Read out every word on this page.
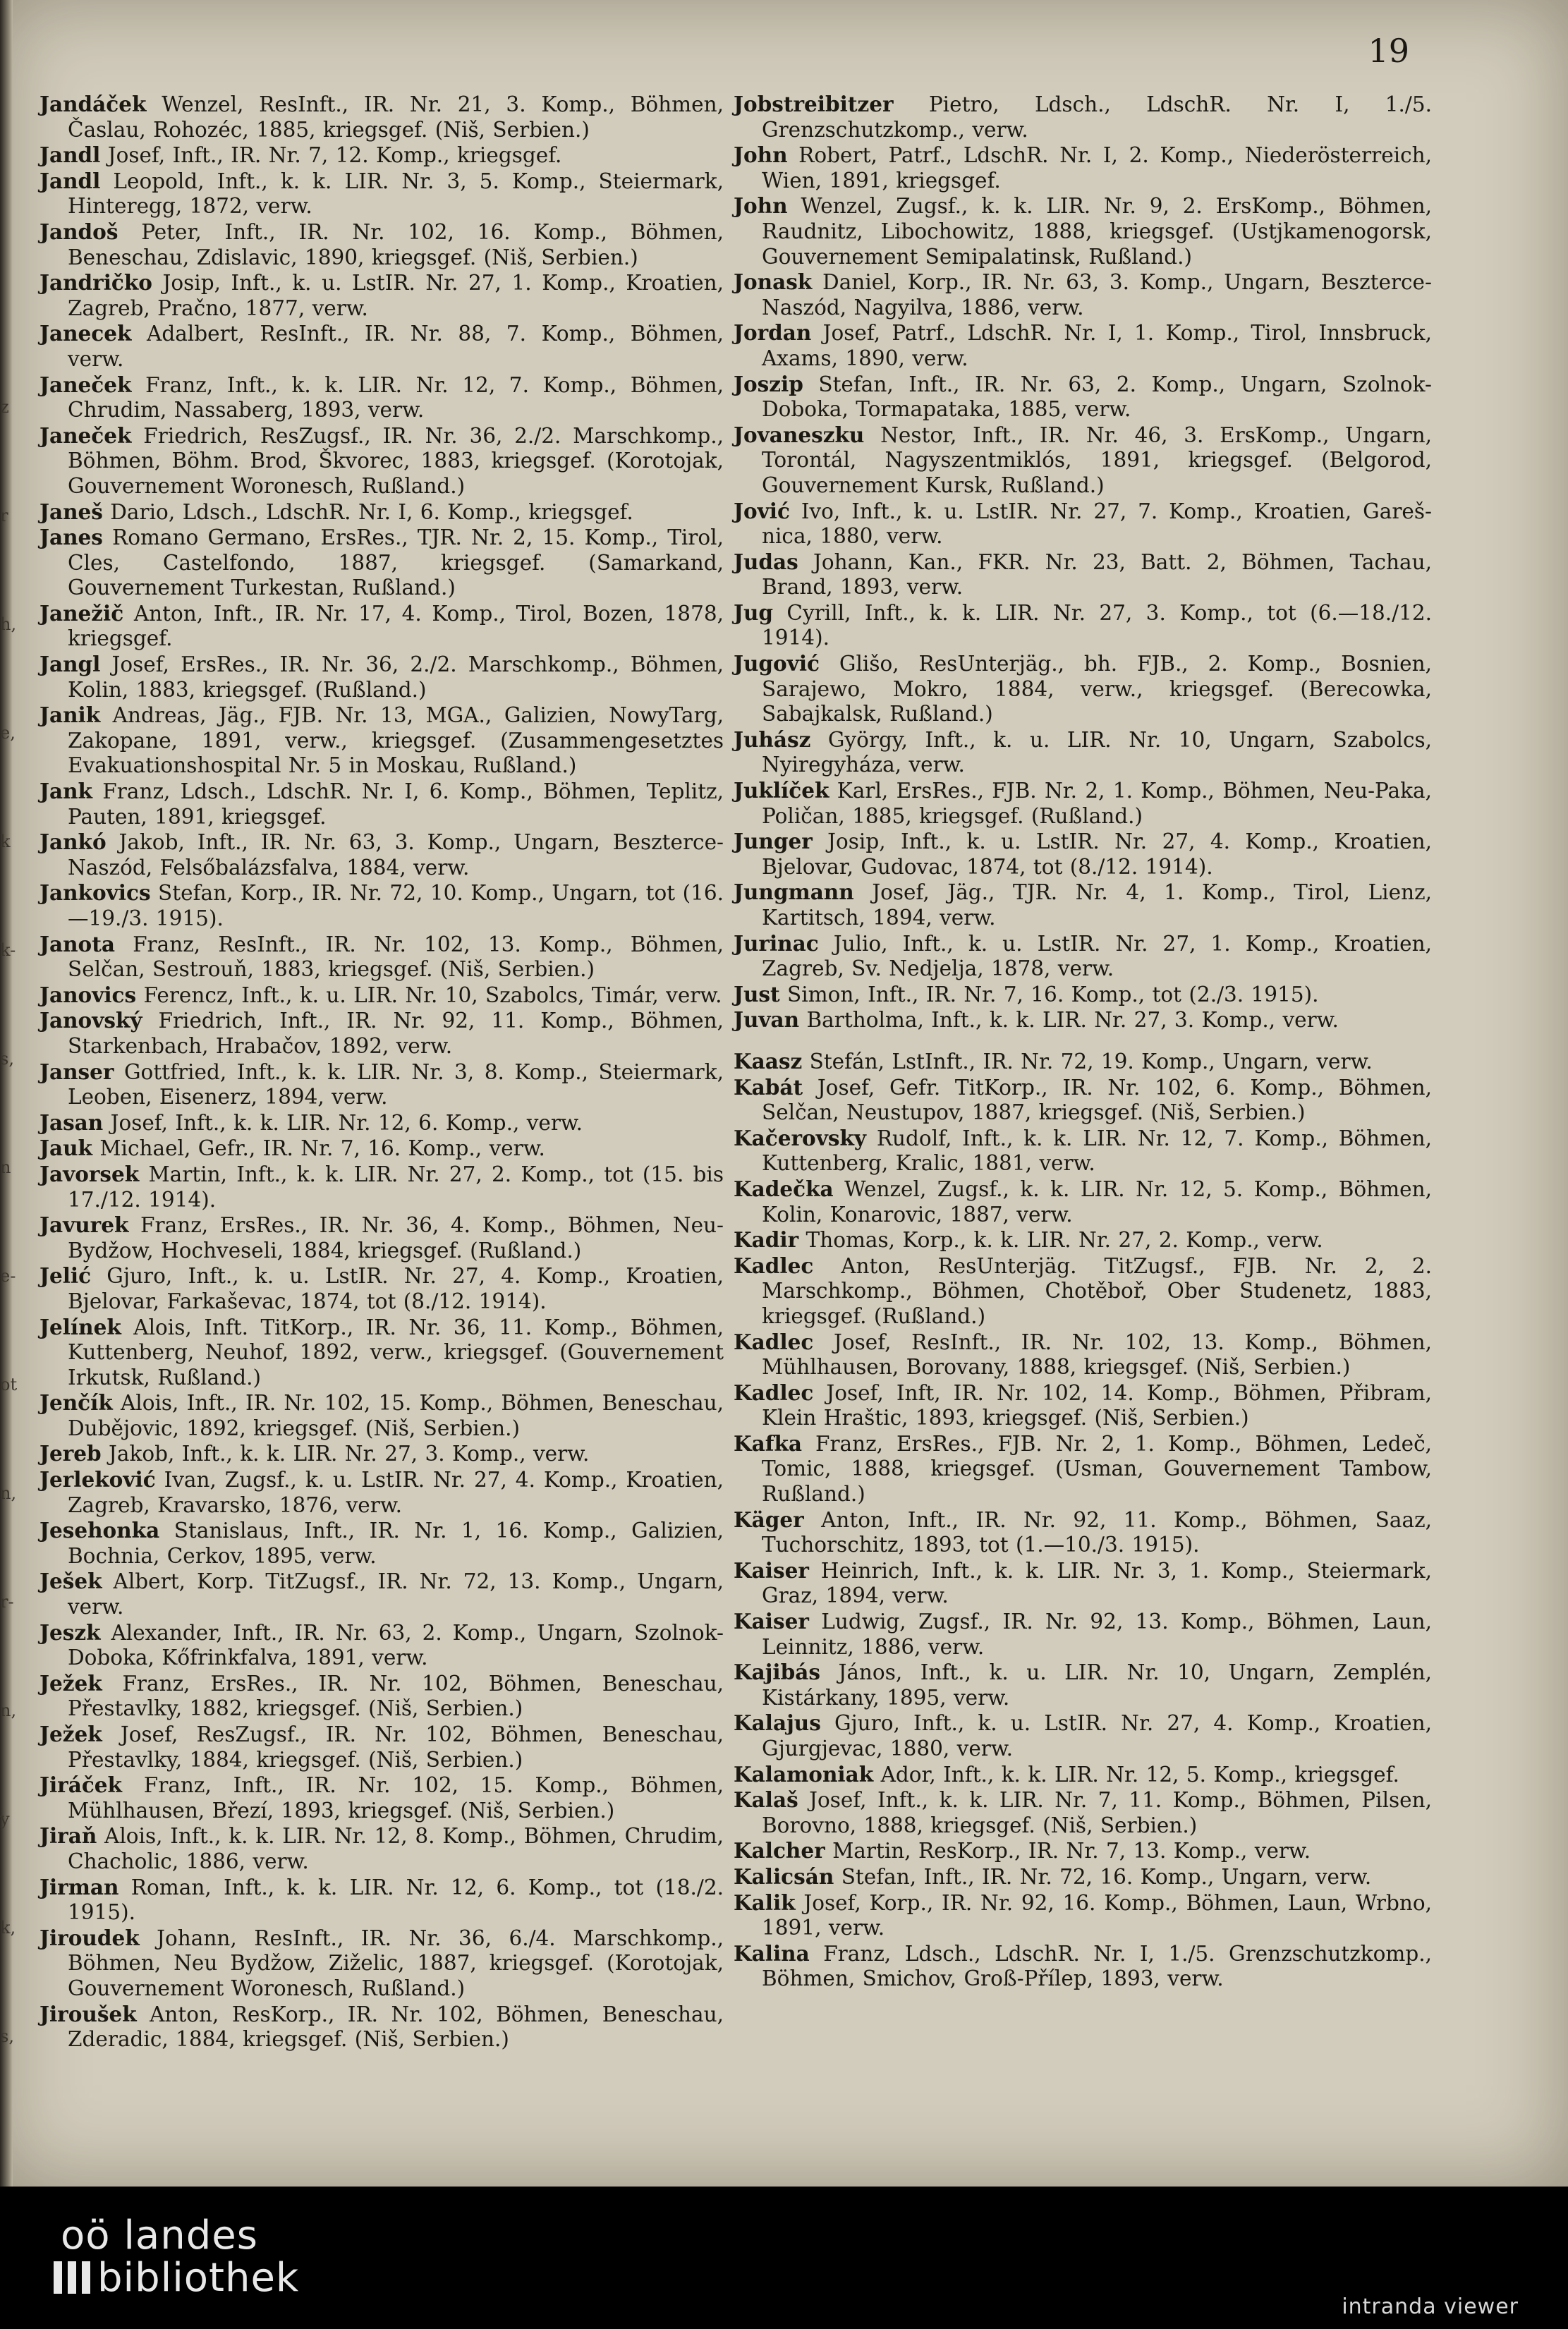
z
r
h,
e,
k
k-
s,
n
e-
ot
n,
r-
n,
y
k,
s,
19

Jandáček Wenzel, ResInft., IR. Nr. 21, 3. Komp., Böhmen, Časlau, Rohozéc, 1885, kriegsgef. (Niš, Serbien.)

Jandl Josef, Inft., IR. Nr. 7, 12. Komp., kriegsgef.

Jandl Leopold, Inft., k. k. LIR. Nr. 3, 5. Komp., Steiermark, Hinteregg, 1872, verw.

Jandoš Peter, Inft., IR. Nr. 102, 16. Komp., Böhmen, Beneschau, Zdislavic, 1890, kriegsgef. (Niš, Serbien.)

Jandričko Josip, Inft., k. u. LstIR. Nr. 27, 1. Komp., Kroatien, Zagreb, Pračno, 1877, verw.

Janecek Adalbert, ResInft., IR. Nr. 88, 7. Komp., Böhmen, verw.

Janeček Franz, Inft., k. k. LIR. Nr. 12, 7. Komp., Böhmen, Chrudim, Nassaberg, 1893, verw.

Janeček Friedrich, ResZugsf., IR. Nr. 36, 2./2. Marschkomp., Böhmen, Böhm. Brod, Škvorec, 1883, kriegsgef. (Korotojak, Gouvernement Woronesch, Rußland.)

Janeš Dario, Ldsch., LdschR. Nr. I, 6. Komp., kriegsgef.

Janes Romano Germano, ErsRes., TJR. Nr. 2, 15. Komp., Tirol, Cles, Castelfondo, 1887, kriegsgef. (Samarkand, Gouvernement Turkestan, Rußland.)

Janežič Anton, Inft., IR. Nr. 17, 4. Komp., Tirol, Bozen, 1878, kriegsgef.

Jangl Josef, ErsRes., IR. Nr. 36, 2./2. Marschkomp., Böhmen, Kolin, 1883, kriegsgef. (Rußland.)

Janik Andreas, Jäg., FJB. Nr. 13, MGA., Galizien, NowyTarg, Zakopane, 1891, verw., kriegsgef. (Zusammengesetztes Evakuationshospital Nr. 5 in Moskau, Rußland.)

Jank Franz, Ldsch., LdschR. Nr. I, 6. Komp., Böhmen, Teplitz, Pauten, 1891, kriegsgef.

Jankó Jakob, Inft., IR. Nr. 63, 3. Komp., Ungarn, Beszterce-Naszód, Felsőbalázsfalva, 1884, verw.

Jankovics Stefan, Korp., IR. Nr. 72, 10. Komp., Ungarn, tot (16.—19./3. 1915).

Janota Franz, ResInft., IR. Nr. 102, 13. Komp., Böhmen, Selčan, Sestrouň, 1883, kriegsgef. (Niš, Serbien.)

Janovics Ferencz, Inft., k. u. LIR. Nr. 10, Szabolcs, Timár, verw.

Janovský Friedrich, Inft., IR. Nr. 92, 11. Komp., Böhmen, Starkenbach, Hrabačov, 1892, verw.

Janser Gottfried, Inft., k. k. LIR. Nr. 3, 8. Komp., Steiermark, Leoben, Eisenerz, 1894, verw.

Jasan Josef, Inft., k. k. LIR. Nr. 12, 6. Komp., verw.

Jauk Michael, Gefr., IR. Nr. 7, 16. Komp., verw.

Javorsek Martin, Inft., k. k. LIR. Nr. 27, 2. Komp., tot (15. bis 17./12. 1914).

Javurek Franz, ErsRes., IR. Nr. 36, 4. Komp., Böhmen, Neu-Bydžow, Hochveseli, 1884, kriegsgef. (Rußland.)

Jelić Gjuro, Inft., k. u. LstIR. Nr. 27, 4. Komp., Kroatien, Bjelovar, Farkaševac, 1874, tot (8./12. 1914).

Jelínek Alois, Inft. TitKorp., IR. Nr. 36, 11. Komp., Böhmen, Kuttenberg, Neuhof, 1892, verw., kriegsgef. (Gouvernement Irkutsk, Rußland.)

Jenčík Alois, Inft., IR. Nr. 102, 15. Komp., Böhmen, Beneschau, Dubějovic, 1892, kriegsgef. (Niš, Serbien.)

Jereb Jakob, Inft., k. k. LIR. Nr. 27, 3. Komp., verw.

Jerleković Ivan, Zugsf., k. u. LstIR. Nr. 27, 4. Komp., Kroatien, Zagreb, Kravarsko, 1876, verw.

Jesehonka Stanislaus, Inft., IR. Nr. 1, 16. Komp., Galizien, Bochnia, Cerkov, 1895, verw.

Ješek Albert, Korp. TitZugsf., IR. Nr. 72, 13. Komp., Ungarn, verw.

Jeszk Alexander, Inft., IR. Nr. 63, 2. Komp., Ungarn, Szolnok-Doboka, Kőfrinkfalva, 1891, verw.

Ježek Franz, ErsRes., IR. Nr. 102, Böhmen, Beneschau, Přestavlky, 1882, kriegsgef. (Niš, Serbien.)

Ježek Josef, ResZugsf., IR. Nr. 102, Böhmen, Beneschau, Přestavlky, 1884, kriegsgef. (Niš, Serbien.)

Jiráček Franz, Inft., IR. Nr. 102, 15. Komp., Böhmen, Mühlhausen, Březí, 1893, kriegsgef. (Niš, Serbien.)

Jiraň Alois, Inft., k. k. LIR. Nr. 12, 8. Komp., Böhmen, Chrudim, Chacholic, 1886, verw.

Jirman Roman, Inft., k. k. LIR. Nr. 12, 6. Komp., tot (18./2. 1915).

Jiroudek Johann, ResInft., IR. Nr. 36, 6./4. Marschkomp., Böhmen, Neu Bydžow, Ziželic, 1887, kriegsgef. (Korotojak, Gouvernement Woronesch, Rußland.)

Jiroušek Anton, ResKorp., IR. Nr. 102, Böhmen, Beneschau, Zderadic, 1884, kriegsgef. (Niš, Serbien.)

Jobstreibitzer Pietro, Ldsch., LdschR. Nr. I, 1./5. Grenzschutzkomp., verw.

John Robert, Patrf., LdschR. Nr. I, 2. Komp., Niederösterreich, Wien, 1891, kriegsgef.

John Wenzel, Zugsf., k. k. LIR. Nr. 9, 2. ErsKomp., Böhmen, Raudnitz, Libochowitz, 1888, kriegsgef. (Ustjkamenogorsk, Gouvernement Semipalatinsk, Rußland.)

Jonask Daniel, Korp., IR. Nr. 63, 3. Komp., Ungarn, Beszterce-Naszód, Nagyilva, 1886, verw.

Jordan Josef, Patrf., LdschR. Nr. I, 1. Komp., Tirol, Innsbruck, Axams, 1890, verw.

Joszip Stefan, Inft., IR. Nr. 63, 2. Komp., Ungarn, Szolnok-Doboka, Tormapataka, 1885, verw.

Jovaneszku Nestor, Inft., IR. Nr. 46, 3. ErsKomp., Ungarn, Torontál, Nagyszentmiklós, 1891, kriegsgef. (Belgorod, Gouvernement Kursk, Rußland.)

Jović Ivo, Inft., k. u. LstIR. Nr. 27, 7. Komp., Kroatien, Gareš-nica, 1880, verw.

Judas Johann, Kan., FKR. Nr. 23, Batt. 2, Böhmen, Tachau, Brand, 1893, verw.

Jug Cyrill, Inft., k. k. LIR. Nr. 27, 3. Komp., tot (6.—18./12. 1914).

Jugović Glišo, ResUnterjäg., bh. FJB., 2. Komp., Bosnien, Sarajewo, Mokro, 1884, verw., kriegsgef. (Berecowka, Sabajkalsk, Rußland.)

Juhász György, Inft., k. u. LIR. Nr. 10, Ungarn, Szabolcs, Nyiregyháza, verw.

Juklíček Karl, ErsRes., FJB. Nr. 2, 1. Komp., Böhmen, Neu-Paka, Poličan, 1885, kriegsgef. (Rußland.)

Junger Josip, Inft., k. u. LstIR. Nr. 27, 4. Komp., Kroatien, Bjelovar, Gudovac, 1874, tot (8./12. 1914).

Jungmann Josef, Jäg., TJR. Nr. 4, 1. Komp., Tirol, Lienz, Kartitsch, 1894, verw.

Jurinac Julio, Inft., k. u. LstIR. Nr. 27, 1. Komp., Kroatien, Zagreb, Sv. Nedjelja, 1878, verw.

Just Simon, Inft., IR. Nr. 7, 16. Komp., tot (2./3. 1915).

Juvan Bartholma, Inft., k. k. LIR. Nr. 27, 3. Komp., verw.

Kaasz Stefán, LstInft., IR. Nr. 72, 19. Komp., Ungarn, verw.

Kabát Josef, Gefr. TitKorp., IR. Nr. 102, 6. Komp., Böhmen, Selčan, Neustupov, 1887, kriegsgef. (Niš, Serbien.)

Kačerovsky Rudolf, Inft., k. k. LIR. Nr. 12, 7. Komp., Böhmen, Kuttenberg, Kralic, 1881, verw.

Kadečka Wenzel, Zugsf., k. k. LIR. Nr. 12, 5. Komp., Böhmen, Kolin, Konarovic, 1887, verw.

Kadir Thomas, Korp., k. k. LIR. Nr. 27, 2. Komp., verw.

Kadlec Anton, ResUnterjäg. TitZugsf., FJB. Nr. 2, 2. Marschkomp., Böhmen, Chotěboř, Ober Studenetz, 1883, kriegsgef. (Rußland.)

Kadlec Josef, ResInft., IR. Nr. 102, 13. Komp., Böhmen, Mühlhausen, Borovany, 1888, kriegsgef. (Niš, Serbien.)

Kadlec Josef, Inft, IR. Nr. 102, 14. Komp., Böhmen, Přibram, Klein Hraštic, 1893, kriegsgef. (Niš, Serbien.)

Kafka Franz, ErsRes., FJB. Nr. 2, 1. Komp., Böhmen, Ledeč, Tomic, 1888, kriegsgef. (Usman, Gouvernement Tambow, Rußland.)

Käger Anton, Inft., IR. Nr. 92, 11. Komp., Böhmen, Saaz, Tuchorschitz, 1893, tot (1.—10./3. 1915).

Kaiser Heinrich, Inft., k. k. LIR. Nr. 3, 1. Komp., Steiermark, Graz, 1894, verw.

Kaiser Ludwig, Zugsf., IR. Nr. 92, 13. Komp., Böhmen, Laun, Leinnitz, 1886, verw.

Kajibás János, Inft., k. u. LIR. Nr. 10, Ungarn, Zemplén, Kistárkany, 1895, verw.

Kalajus Gjuro, Inft., k. u. LstIR. Nr. 27, 4. Komp., Kroatien, Gjurgjevac, 1880, verw.

Kalamoniak Ador, Inft., k. k. LIR. Nr. 12, 5. Komp., kriegsgef.

Kalaš Josef, Inft., k. k. LIR. Nr. 7, 11. Komp., Böhmen, Pilsen, Borovno, 1888, kriegsgef. (Niš, Serbien.)

Kalcher Martin, ResKorp., IR. Nr. 7, 13. Komp., verw.

Kalicsán Stefan, Inft., IR. Nr. 72, 16. Komp., Ungarn, verw.

Kalik Josef, Korp., IR. Nr. 92, 16. Komp., Böhmen, Laun, Wrbno, 1891, verw.

Kalina Franz, Ldsch., LdschR. Nr. I, 1./5. Grenzschutzkomp., Böhmen, Smichov, Groß-Přílep, 1893, verw.

oö landes
bibliothek
intranda viewer
